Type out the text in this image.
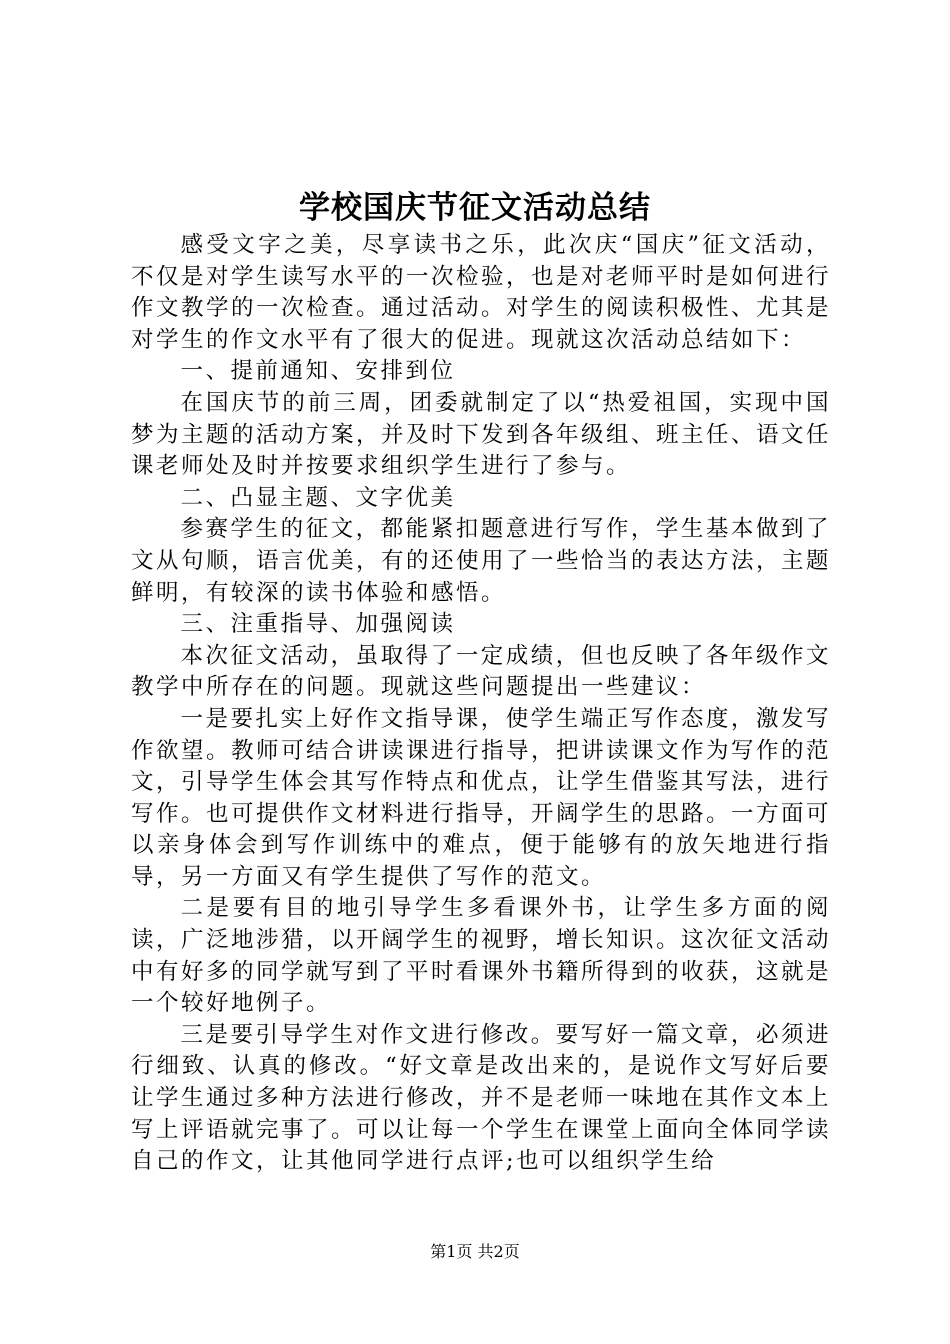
学校国庆节征文活动总结

感受文字之美，尽享读书之乐，此次庆“国庆”征文活动，不仅是对学生读写水平的一次检验，也是对老师平时是如何进行作文教学的一次检查。通过活动。对学生的阅读积极性、尤其是对学生的作文水平有了很大的促进。现就这次活动总结如下：

一、提前通知、安排到位

在国庆节的前三周，团委就制定了以“热爱祖国，实现中国梦为主题的活动方案，并及时下发到各年级组、班主任、语文任课老师处及时并按要求组织学生进行了参与。

二、凸显主题、文字优美

参赛学生的征文，都能紧扣题意进行写作，学生基本做到了文从句顺，语言优美，有的还使用了一些恰当的表达方法，主题鲜明，有较深的读书体验和感悟。

三、注重指导、加强阅读

本次征文活动，虽取得了一定成绩，但也反映了各年级作文教学中所存在的问题。现就这些问题提出一些建议：

一是要扎实上好作文指导课，使学生端正写作态度，激发写作欲望。教师可结合讲读课进行指导，把讲读课文作为写作的范文，引导学生体会其写作特点和优点，让学生借鉴其写法，进行写作。也可提供作文材料进行指导，开阔学生的思路。一方面可以亲身体会到写作训练中的难点，便于能够有的放矢地进行指导，另一方面又有学生提供了写作的范文。

二是要有目的地引导学生多看课外书，让学生多方面的阅读，广泛地涉猎，以开阔学生的视野，增长知识。这次征文活动中有好多的同学就写到了平时看课外书籍所得到的收获，这就是一个较好地例子。

三是要引导学生对作文进行修改。要写好一篇文章，必须进行细致、认真的修改。“好文章是改出来的，是说作文写好后要让学生通过多种方法进行修改，并不是老师一味地在其作文本上写上评语就完事了。可以让每一个学生在课堂上面向全体同学读自己的作文，让其他同学进行点评;也可以组织学生给

第1页 共2页
